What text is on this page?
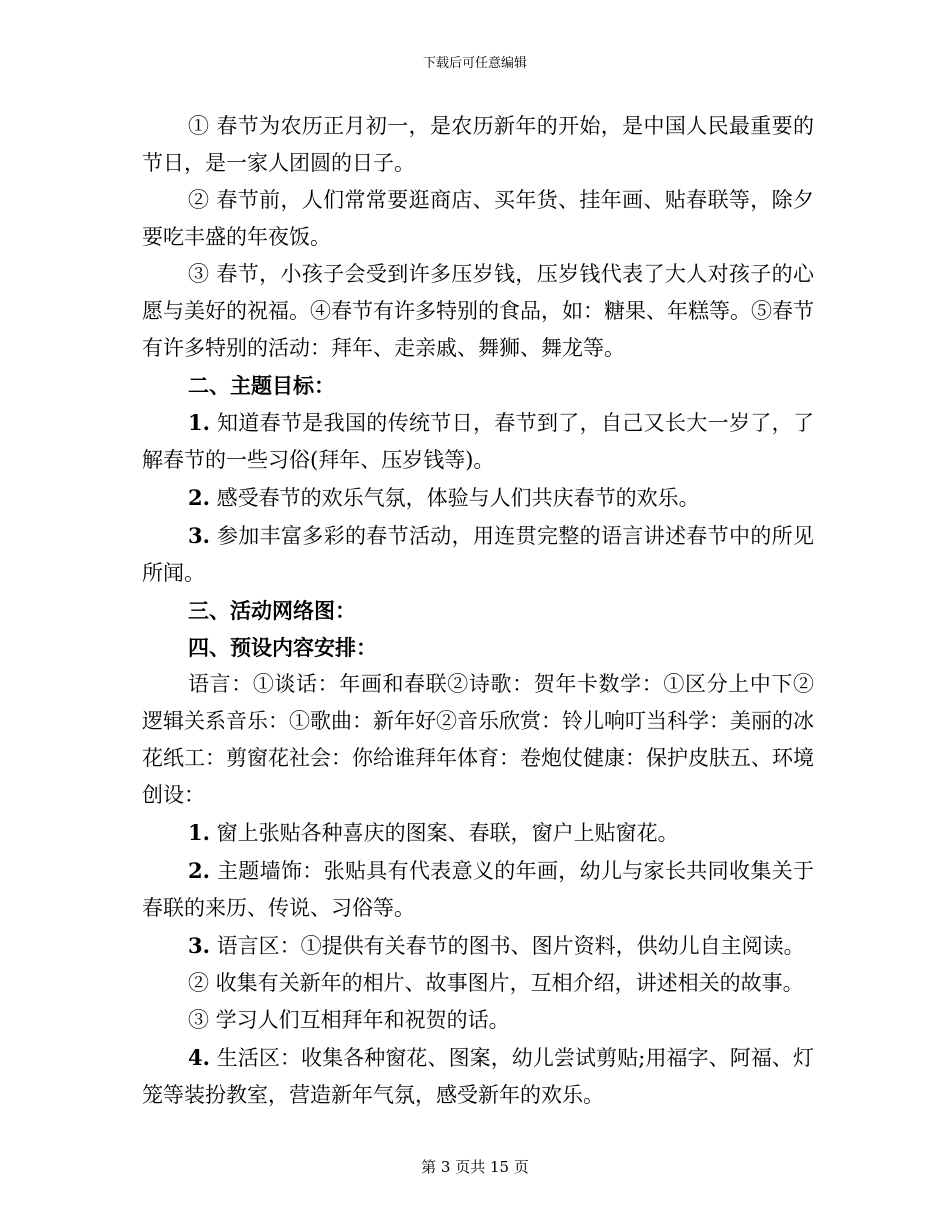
下载后可任意编辑

① 春节为农历正月初一，是农历新年的开始，是中国人民最重要的节日，是一家人团圆的日子。

② 春节前，人们常常要逛商店、买年货、挂年画、贴春联等，除夕要吃丰盛的年夜饭。

③ 春节，小孩子会受到许多压岁钱，压岁钱代表了大人对孩子的心愿与美好的祝福。④春节有许多特别的食品，如：糖果、年糕等。⑤春节有许多特别的活动：拜年、走亲戚、舞狮、舞龙等。

二、主题目标：

1. 知道春节是我国的传统节日，春节到了，自己又长大一岁了，了解春节的一些习俗(拜年、压岁钱等)。

2. 感受春节的欢乐气氛，体验与人们共庆春节的欢乐。

3. 参加丰富多彩的春节活动，用连贯完整的语言讲述春节中的所见所闻。

三、活动网络图：

四、预设内容安排：

语言：①谈话：年画和春联②诗歌：贺年卡数学：①区分上中下②逻辑关系音乐：①歌曲：新年好②音乐欣赏：铃儿响叮当科学：美丽的冰花纸工：剪窗花社会：你给谁拜年体育：卷炮仗健康：保护皮肤五、环境创设：

1. 窗上张贴各种喜庆的图案、春联，窗户上贴窗花。

2. 主题墙饰：张贴具有代表意义的年画，幼儿与家长共同收集关于春联的来历、传说、习俗等。

3. 语言区：①提供有关春节的图书、图片资料，供幼儿自主阅读。

② 收集有关新年的相片、故事图片，互相介绍，讲述相关的故事。

③ 学习人们互相拜年和祝贺的话。

4. 生活区：收集各种窗花、图案，幼儿尝试剪贴;用福字、阿福、灯笼等装扮教室，营造新年气氛，感受新年的欢乐。

第 3 页共 15 页
